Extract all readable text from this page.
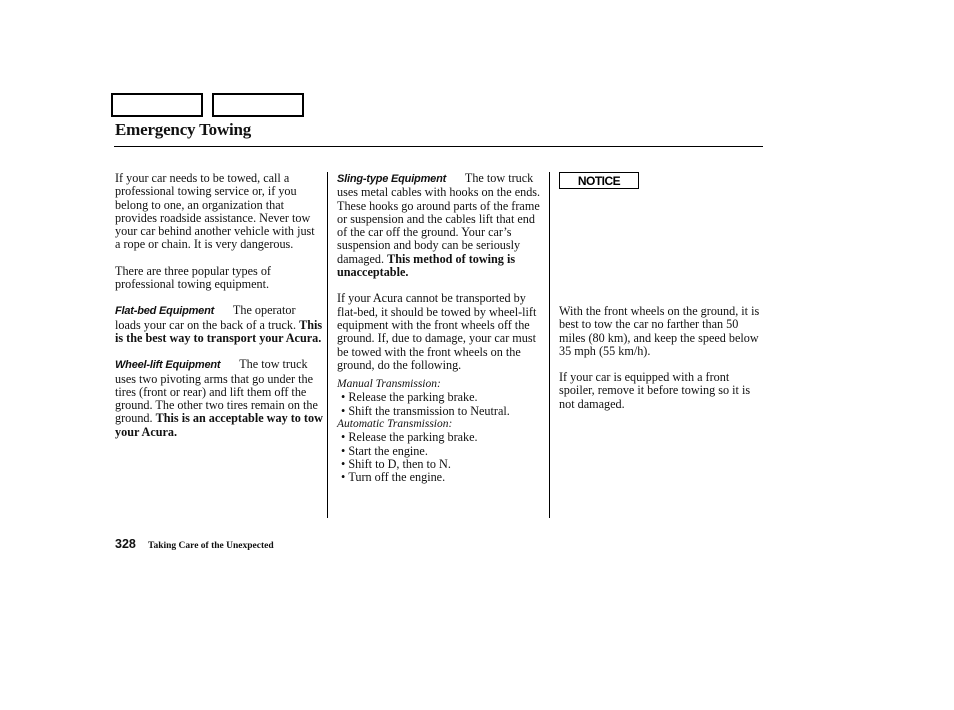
Emergency Towing

If your car needs to be towed, call a professional towing service or, if you belong to one, an organization that provides roadside assistance. Never tow your car behind another vehicle with just a rope or chain. It is very dangerous.

There are three popular types of professional towing equipment.

Flat-bed Equipment The operator loads your car on the back of a truck. This is the best way to transport your Acura.

Wheel-lift Equipment The tow truck uses two pivoting arms that go under the tires (front or rear) and lift them off the ground. The other two tires remain on the ground. This is an acceptable way to tow your Acura.

Sling-type Equipment The tow truck uses metal cables with hooks on the ends. These hooks go around parts of the frame or suspension and the cables lift that end of the car off the ground. Your car’s suspension and body can be seriously damaged. This method of towing is unacceptable.

If your Acura cannot be transported by flat-bed, it should be towed by wheel-lift equipment with the front wheels off the ground. If, due to damage, your car must be towed with the front wheels on the ground, do the following.

Manual Transmission:

• Release the parking brake.
• Shift the transmission to Neutral.

Automatic Transmission:

• Release the parking brake.
• Start the engine.
• Shift to D, then to N.
• Turn off the engine.
NOTICE

With the front wheels on the ground, it is best to tow the car no farther than 50 miles (80 km), and keep the speed below 35 mph (55 km/h).

If your car is equipped with a front spoiler, remove it before towing so it is not damaged.

328 Taking Care of the Unexpected
